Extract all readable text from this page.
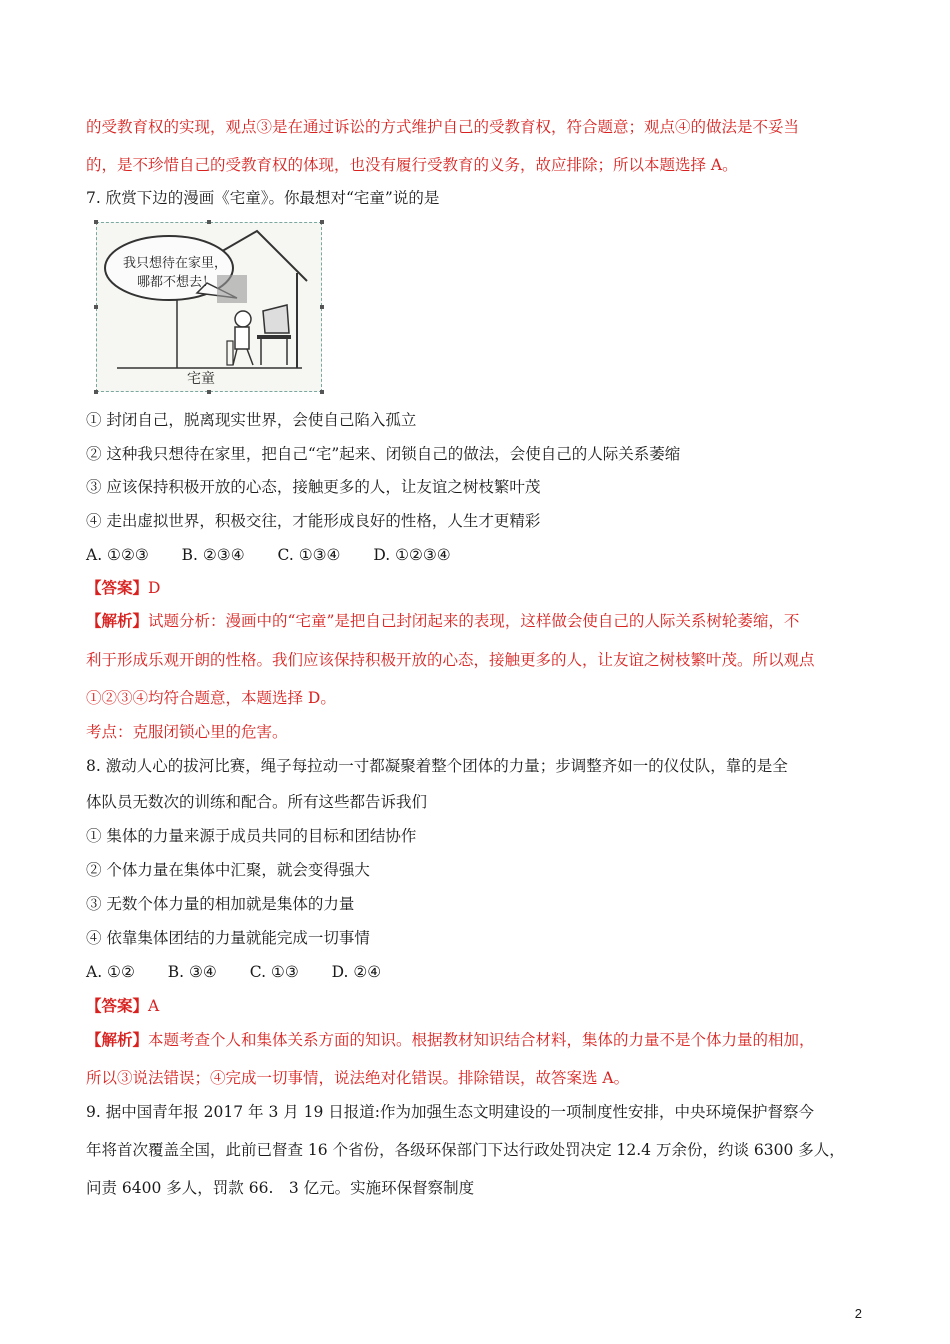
的受教育权的实现，观点③是在通过诉讼的方式维护自己的受教育权，符合题意；观点④的做法是不妥当
的，是不珍惜自己的受教育权的体现，也没有履行受教育的义务，故应排除；所以本题选择 A。
7. 欣赏下边的漫画《宅童》。你最想对“宅童”说的是
我只想待在家里，
哪都不想去！
宅童
① 封闭自己，脱离现实世界，会使自己陷入孤立
② 这种我只想待在家里，把自己“宅”起来、闭锁自己的做法，会使自己的人际关系萎缩
③ 应该保持积极开放的心态，接触更多的人，让友谊之树枝繁叶茂
④ 走出虚拟世界，积极交往，才能形成良好的性格，人生才更精彩
A. ①②③ B. ②③④ C. ①③④ D. ①②③④
【答案】D
【解析】试题分析：漫画中的“宅童”是把自己封闭起来的表现，这样做会使自己的人际关系树轮萎缩，不
利于形成乐观开朗的性格。我们应该保持积极开放的心态，接触更多的人，让友谊之树枝繁叶茂。所以观点
①②③④均符合题意，本题选择 D。
考点：克服闭锁心里的危害。
8. 激动人心的拔河比赛，绳子每拉动一寸都凝聚着整个团体的力量；步调整齐如一的仪仗队，靠的是全
体队员无数次的训练和配合。所有这些都告诉我们
① 集体的力量来源于成员共同的目标和团结协作
② 个体力量在集体中汇聚，就会变得强大
③ 无数个体力量的相加就是集体的力量
④ 依靠集体团结的力量就能完成一切事情
A. ①② B. ③④ C. ①③ D. ②④
【答案】A
【解析】本题考查个人和集体关系方面的知识。根据教材知识结合材料，集体的力量不是个体力量的相加，
所以③说法错误；④完成一切事情，说法绝对化错误。排除错误，故答案选 A。
9. 据中国青年报 2017 年 3 月 19 日报道:作为加强生态文明建设的一项制度性安排，中央环境保护督察今
年将首次覆盖全国，此前已督查 16 个省份，各级环保部门下达行政处罚决定 12.4 万余份，约谈 6300 多人，
问责 6400 多人，罚款 66.　3 亿元。实施环保督察制度
2
